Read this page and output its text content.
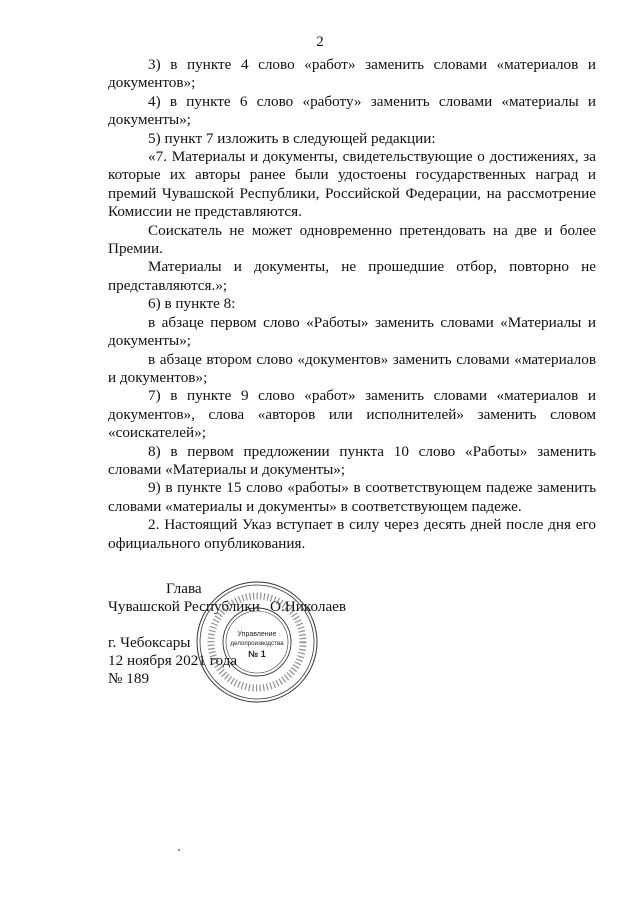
2

3) в пункте 4 слово «работ» заменить словами «материалов и документов»;

4) в пункте 6 слово «работу» заменить словами «материалы и документы»;

5) пункт 7 изложить в следующей редакции:

«7. Материалы и документы, свидетельствующие о достижениях, за которые их авторы ранее были удостоены государственных наград и премий Чувашской Республики, Российской Федерации, на рассмотрение Комиссии не представляются.

Соискатель не может одновременно претендовать на две и более Премии.

Материалы и документы, не прошедшие отбор, повторно не представляются.»;

6) в пункте 8:

в абзаце первом слово «Работы» заменить словами «Материалы и документы»;

в абзаце втором слово «документов» заменить словами «материалов и документов»;

7) в пункте 9 слово «работ» заменить словами «материалов и документов», слова «авторов или исполнителей» заменить словом «соискателей»;

8) в первом предложении пункта 10 слово «Работы» заменить словами «Материалы и документы»;

9) в пункте 15 слово «работы» в соответствующем падеже заменить словами «материалы и документы» в соответствующем падеже.

2. Настоящий Указ вступает в силу через десять дней после дня его официального опубликования.

Глава
Чувашской Республики О.Николаев
г. Чебоксары
12 ноября 2021 года
№ 189
Управление
делопроизводства
№ 1
